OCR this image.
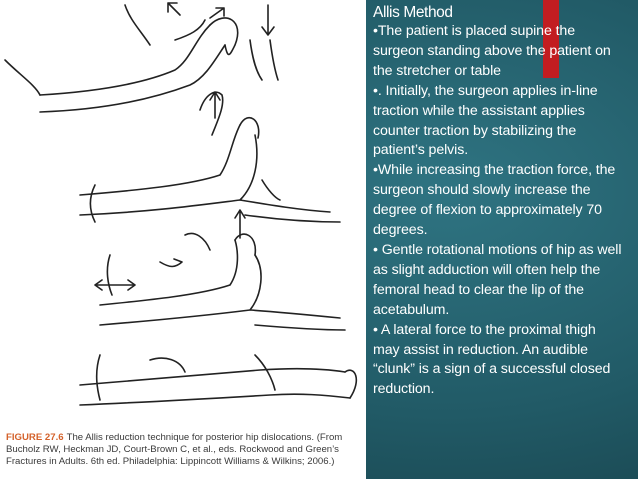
FIGURE 27.6 The Allis reduction technique for posterior hip dislocations. (From Bucholz RW, Heckman JD, Court-Brown C, et al., eds. Rockwood and Green’s Fractures in Adults. 6th ed. Philadelphia: Lippincott Williams & Wilkins; 2006.)
Allis Method

•The patient is placed supine the surgeon standing above the patient on the stretcher or table

•. Initially, the surgeon applies in-line traction while the assistant applies counter traction by stabilizing the patient’s pelvis.

•While increasing the traction force, the surgeon should slowly increase the degree of flexion to approximately 70 degrees.

• Gentle rotational motions of hip as well as slight adduction will often help the femoral head to clear the lip of the acetabulum.

• A lateral force to the proximal thigh may assist in reduction. An audible “clunk” is a sign of a successful closed reduction.
